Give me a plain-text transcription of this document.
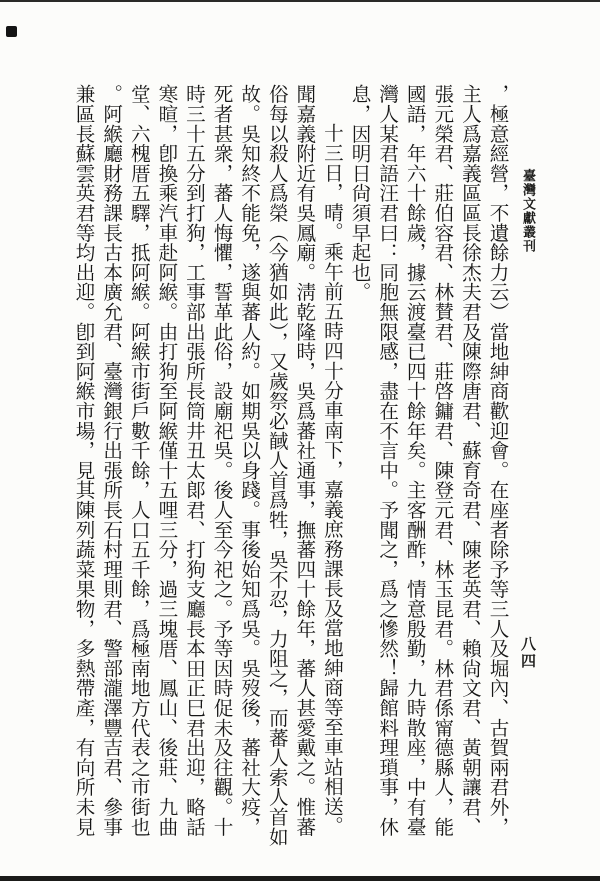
臺灣文獻叢刊
八四
，極意經營，不遺餘力云）當地紳商歡迎會。在座者除予等三人及堀內、古賀兩君外，
主人爲嘉義區區長徐杰夫君及陳際唐君、蘇育奇君、陳老英君、賴尙文君、黃朝讓君、
張元榮君、莊伯容君、林賛君、莊啓鏞君、陳登元君、林玉昆君。林君係甯德縣人，能
國語，年六十餘歲，據云渡臺已四十餘年矣。主客酬酢，情意殷勤，九時散座，中有臺
灣人某君語汪君曰：同胞無限感，盡在不言中。予聞之，爲之慘然！歸館料理瑣事，休
息，因明日尙須早起也。
十三日，晴。乘午前五時四十分車南下，嘉義庶務課長及當地紳商等至車站相送。
聞嘉義附近有吳鳳廟。淸乾隆時，吳爲蕃社通事，撫蕃四十餘年，蕃人甚愛戴之。惟蕃
俗每以殺人爲榮（今猶如此），又歲祭必馘人首爲牲，吳不忍，力阻之，而蕃人索人首如
故。吳知終不能免，遂與蕃人約。如期吳以身踐。事後始知爲吳。吳歿後，蕃社大疫，
死者甚衆，蕃人悔懼，誓革此俗，設廟祀吳。後人至今祀之。予等因時促未及往觀。十
時三十五分到打狗，工事部出張所長筒井丑太郞君、打狗支廳長本田正巳君出迎，略話
寒暄，卽換乘汽車赴阿緱。由打狗至阿緱僅十五哩三分，過三塊厝、鳳山、後莊、九曲
堂、六槐厝五驛，抵阿緱。阿緱市街戶數千餘，人口五千餘，爲極南地方代表之市街也
。阿緱廳財務課長古本廣允君、臺灣銀行出張所長石村理則君、警部瀧澤豐吉君、參事
兼區長蘇雲英君等均出迎。卽到阿緱市場，見其陳列蔬菜果物，多熱帶產，有向所未見
